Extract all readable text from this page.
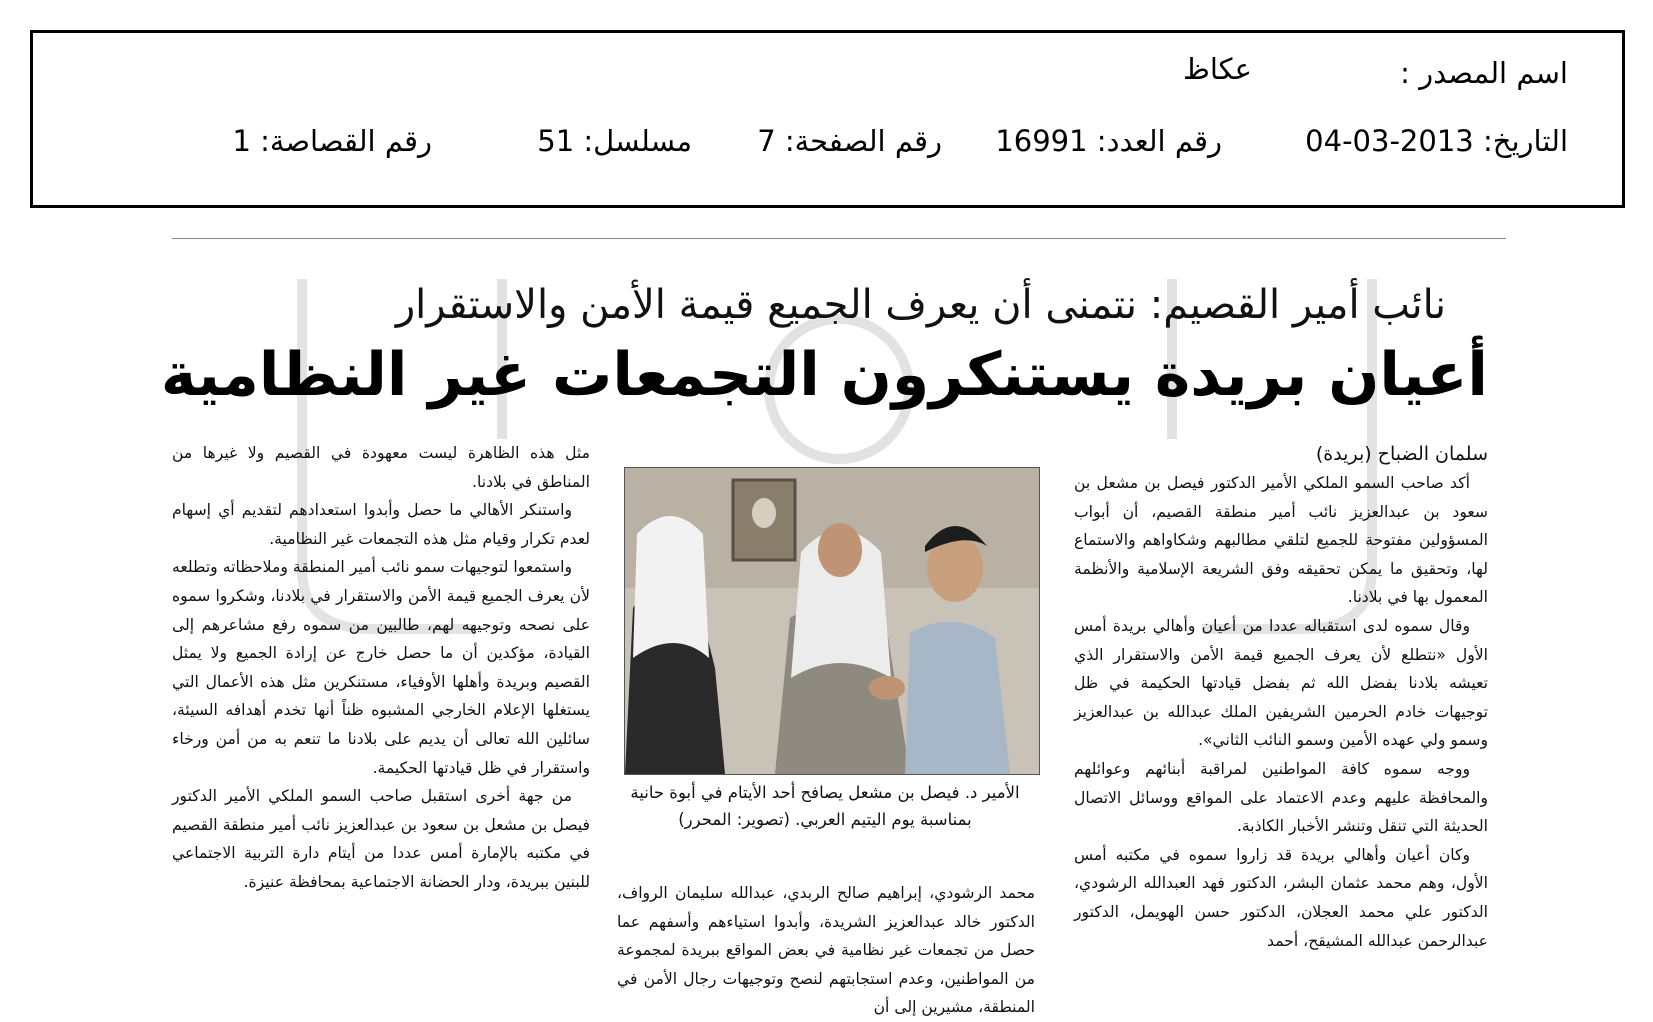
اسم المصدر :
عكاظ
التاريخ: 2013-03-04
رقم العدد: 16991
رقم الصفحة: 7
مسلسل: 51
رقم القصاصة: 1
نائب أمير القصيم: نتمنى أن يعرف الجميع قيمة الأمن والاستقرار
أعيان بريدة يستنكرون التجمعات غير النظامية

سلمان الضباح (بريدة)

أكد صاحب السمو الملكي الأمير الدكتور فيصل بن مشعل بن سعود بن عبدالعزيز نائب أمير منطقة القصيم، أن أبواب المسؤولين مفتوحة للجميع لتلقي مطالبهم وشكاواهم والاستماع لها، وتحقيق ما يمكن تحقيقه وفق الشريعة الإسلامية والأنظمة المعمول بها في بلادنا.

وقال سموه لدى استقباله عددا من أعيان وأهالي بريدة أمس الأول «نتطلع لأن يعرف الجميع قيمة الأمن والاستقرار الذي تعيشه بلادنا بفضل الله ثم بفضل قيادتها الحكيمة في ظل توجيهات خادم الحرمين الشريفين الملك عبدالله بن عبدالعزيز وسمو ولي عهده الأمين وسمو النائب الثاني».

ووجه سموه كافة المواطنين لمراقبة أبنائهم وعوائلهم والمحافظة عليهم وعدم الاعتماد على المواقع ووسائل الاتصال الحديثة التي تنقل وتنشر الأخبار الكاذبة.

وكان أعيان وأهالي بريدة قد زاروا سموه في مكتبه أمس الأول، وهم محمد عثمان البشر، الدكتور فهد العبدالله الرشودي، الدكتور علي محمد العجلان، الدكتور حسن الهويمل، الدكتور عبدالرحمن عبدالله المشيقح، أحمد

الأمير د. فيصل بن مشعل يصافح أحد الأيتام في أبوة حانية بمناسبة يوم اليتيم العربي. (تصوير: المحرر)

محمد الرشودي، إبراهيم صالح الربدي، عبدالله سليمان الرواف، الدكتور خالد عبدالعزيز الشريدة، وأبدوا استياءهم وأسفهم عما حصل من تجمعات غير نظامية في بعض المواقع ببريدة لمجموعة من المواطنين، وعدم استجابتهم لنصح وتوجيهات رجال الأمن في المنطقة، مشيرين إلى أن

مثل هذه الظاهرة ليست معهودة في القصيم ولا غيرها من المناطق في بلادنا.

واستنكر الأهالي ما حصل وأبدوا استعدادهم لتقديم أي إسهام لعدم تكرار وقيام مثل هذه التجمعات غير النظامية.

واستمعوا لتوجيهات سمو نائب أمير المنطقة وملاحظاته وتطلعه لأن يعرف الجميع قيمة الأمن والاستقرار في بلادنا، وشكروا سموه على نصحه وتوجيهه لهم، طالبين من سموه رفع مشاعرهم إلى القيادة، مؤكدين أن ما حصل خارج عن إرادة الجميع ولا يمثل القصيم وبريدة وأهلها الأوفياء، مستنكرين مثل هذه الأعمال التي يستغلها الإعلام الخارجي المشبوه ظناً أنها تخدم أهدافه السيئة، سائلين الله تعالى أن يديم على بلادنا ما تنعم به من أمن ورخاء واستقرار في ظل قيادتها الحكيمة.

من جهة أخرى استقبل صاحب السمو الملكي الأمير الدكتور فيصل بن مشعل بن سعود بن عبدالعزيز نائب أمير منطقة القصيم في مكتبه بالإمارة أمس عددا من أيتام دارة التربية الاجتماعي للبنين ببريدة، ودار الحضانة الاجتماعية بمحافظة عنيزة.
